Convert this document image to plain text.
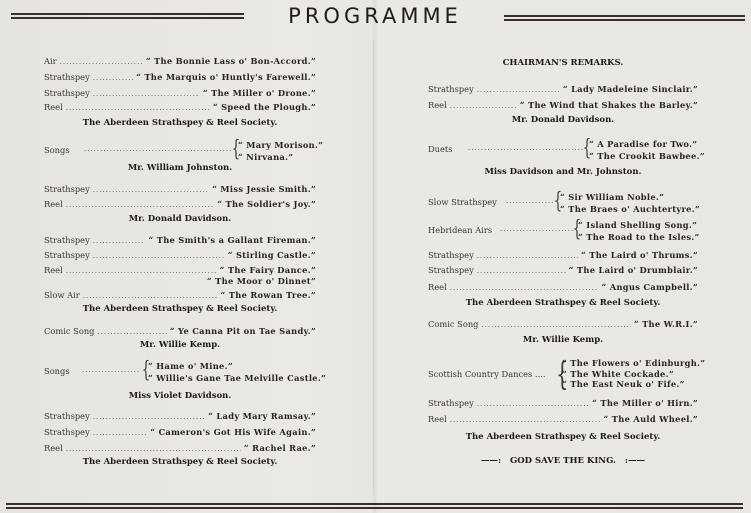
PROGRAMME
Air .....	“ The Bonnie Lass o' Bon-Accord.”
Strathspey .....	“ The Marquis o' Huntly's Farewell.”
Strathspey .....	“ The Miller o' Drone.”
Reel .....	“ Speed the Plough.”
The Aberdeen Strathspey & Reel Society.
Songs .....	{
“ Mary Morison.”
“ Nirvana.”
Mr. William Johnston.
Strathspey .....	“ Miss Jessie Smith.”
Reel .....	“ The Soldier's Joy.”
Mr. Donald Davidson.
Strathspey .....	“ The Smith's a Gallant Fireman.”
Strathspey .....	“ Stirling Castle.”
Reel .....	“ The Fairy Dance.”
“ The Moor o' Dinnet”
Slow Air .....	“ The Rowan Tree.”
The Aberdeen Strathspey & Reel Society.
Comic Song .....	“ Ye Canna Pit on Tae Sandy.”
Mr. Willie Kemp.
Songs .....	{
“ Hame o' Mine.”
“ Willie's Gane Tae Melville Castle.”
Miss Violet Davidson.
Strathspey .....	“ Lady Mary Ramsay.”
Strathspey .....	“ Cameron's Got His Wife Again.”
Reel .....	“ Rachel Rae.”
The Aberdeen Strathspey & Reel Society.
CHAIRMAN'S REMARKS.
Strathspey .....	“ Lady Madeleine Sinclair.”
Reel .....	“ The Wind that Shakes the Barley.”
Mr. Donald Davidson.
Duets .....	{
“ A Paradise for Two.”
“ The Crookit Bawbee.”
Miss Davidson and Mr. Johnston.
Slow Strathspey .....	{
“ Sir William Noble.”
“ The Braes o' Auchtertyre.”
Hebridean Airs .....	{
“ Island Shelling Song.”
“ The Road to the Isles.”
Strathspey .....	“ The Laird o' Thrums.”
Strathspey .....	“ The Laird o' Drumblair.”
Reel .....	“ Angus Campbell.”
The Aberdeen Strathspey & Reel Society.
Comic Song .....	“ The W.R.I.”
Mr. Willie Kemp.
Scottish Country Dances .... {
“ The Flowers o' Edinburgh.”
“ The White Cockade.”
“ The East Neuk o' Fife.”
Strathspey .....	“ The Miller o' Hirn.”
Reel .....	“ The Auld Wheel.”
The Aberdeen Strathspey & Reel Society.
——:   GOD SAVE THE KING.   :——
